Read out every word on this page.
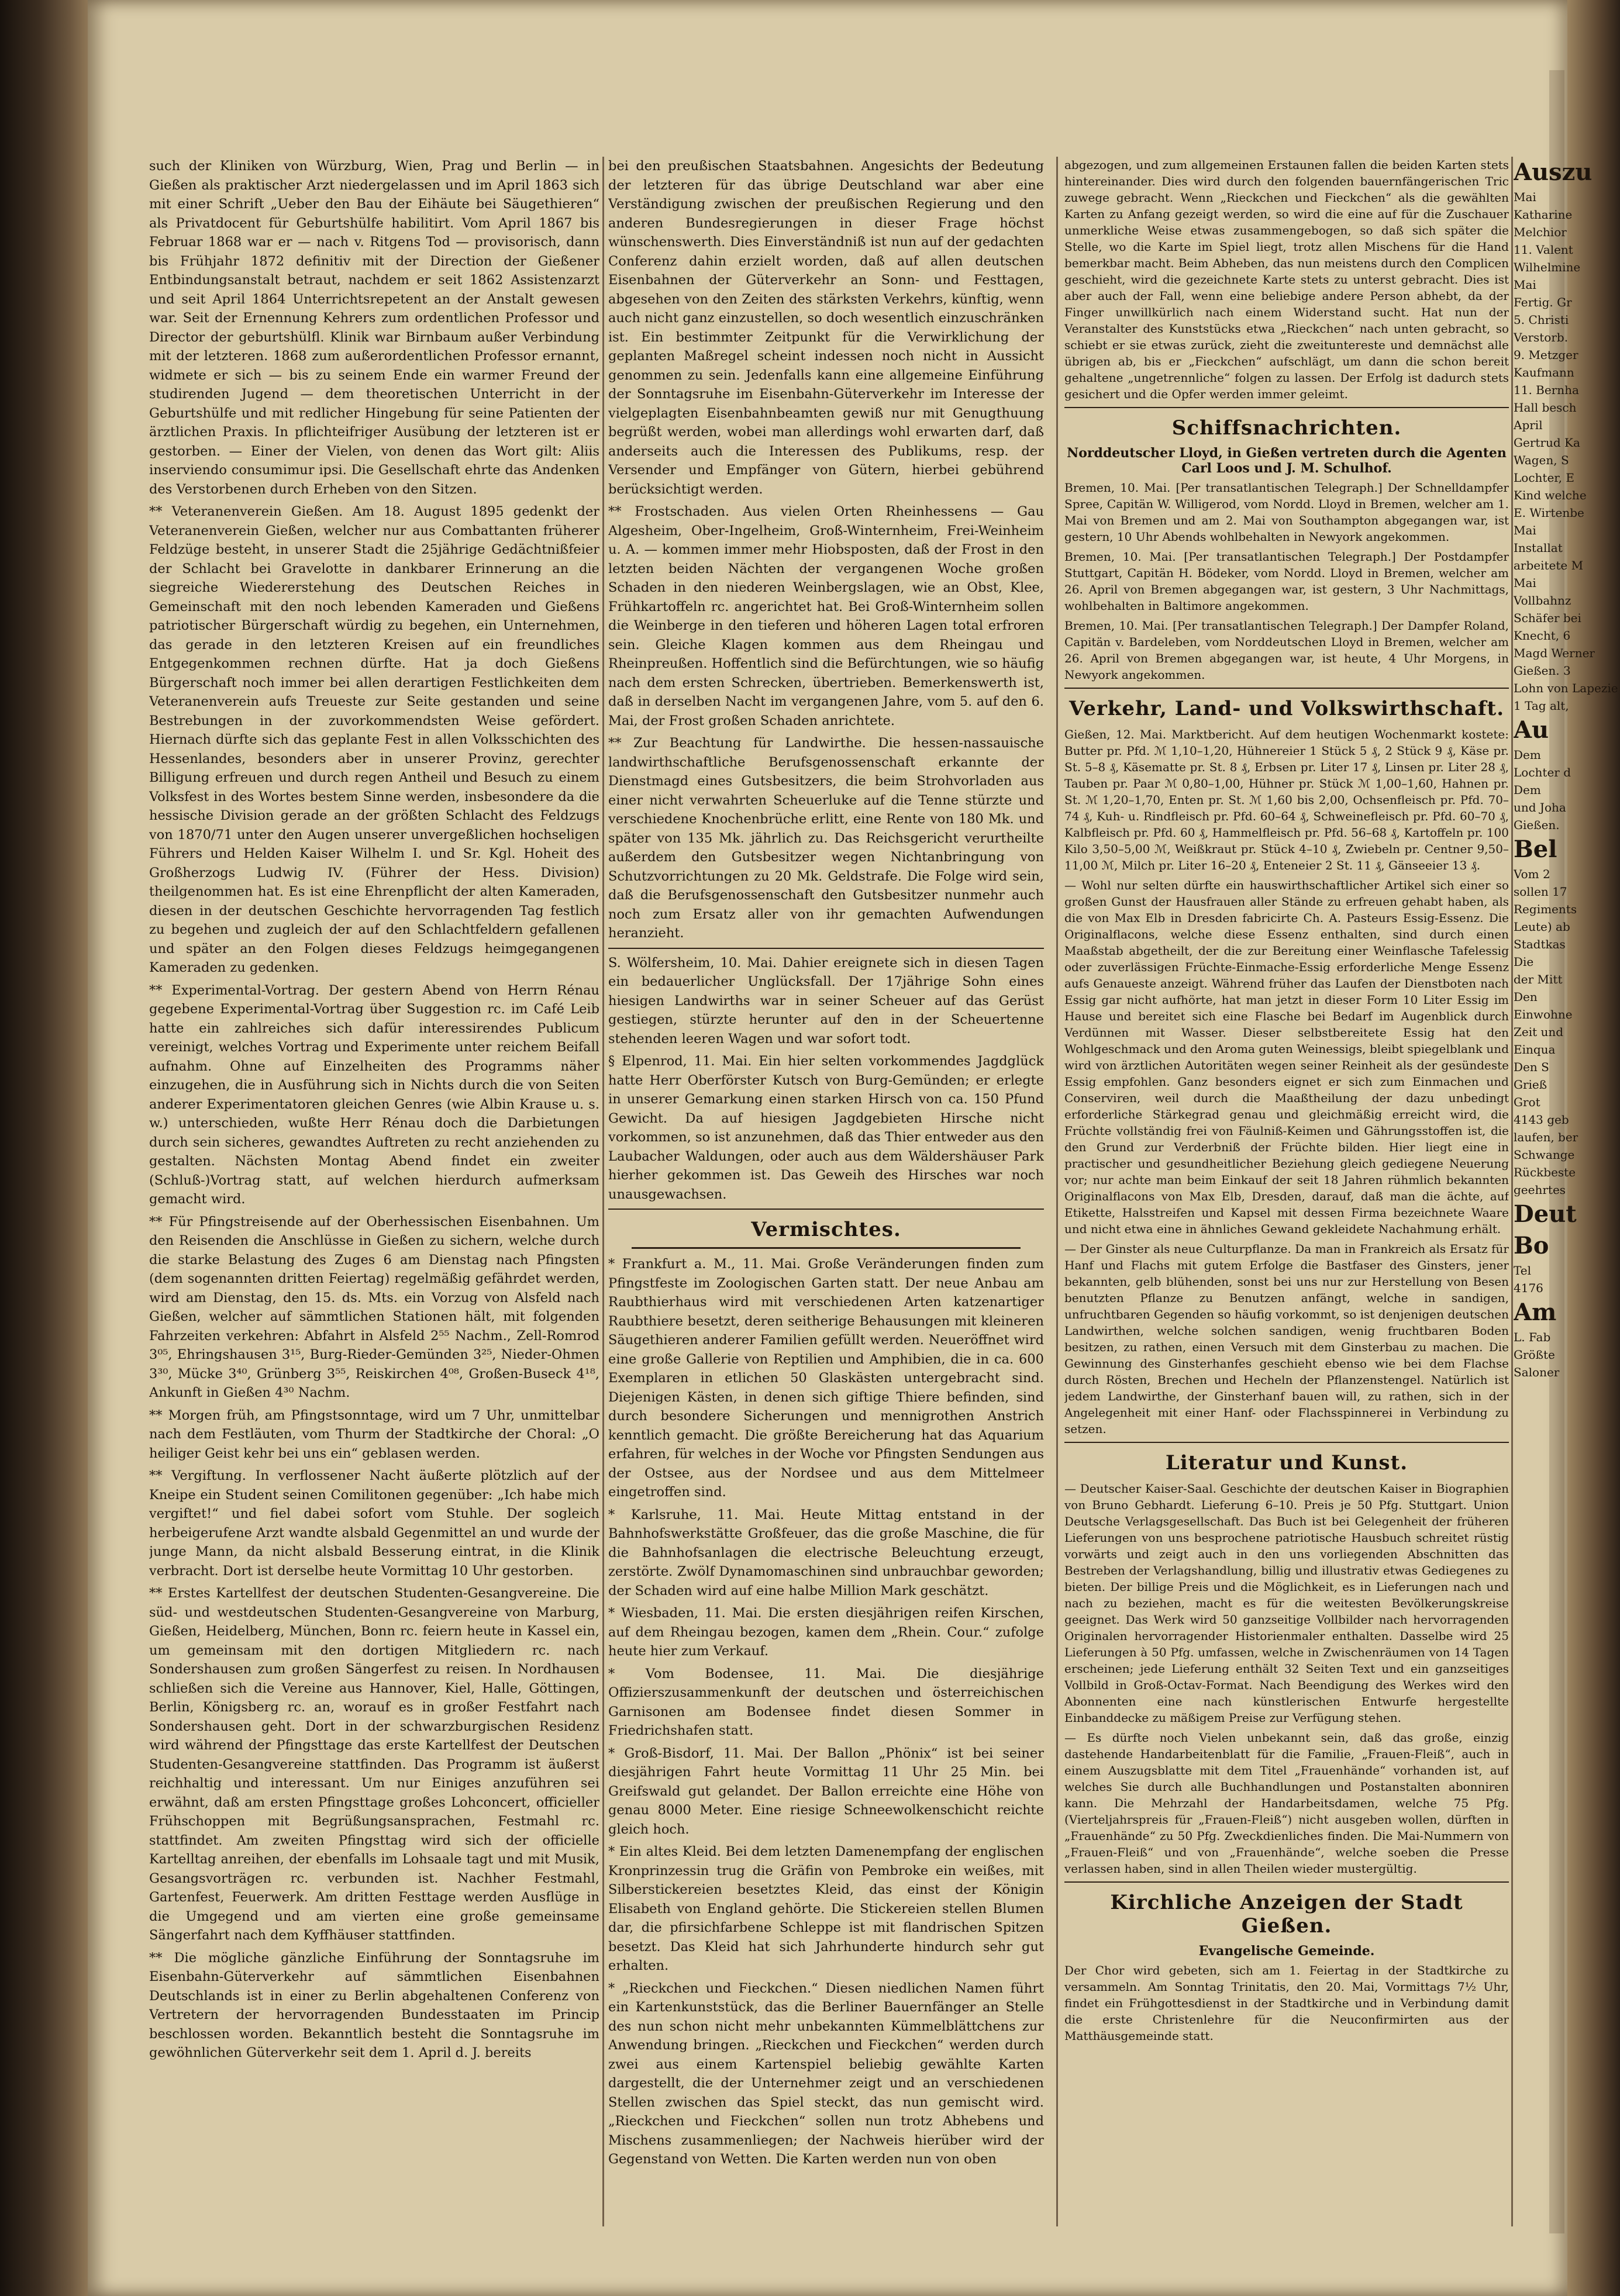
such der Kliniken von Würzburg, Wien, Prag und Berlin — in Gießen als praktischer Arzt niedergelassen und im April 1863 sich mit einer Schrift „Ueber den Bau der Eihäute bei Säugethieren“ als Privatdocent für Geburtshülfe habilitirt. Vom April 1867 bis Februar 1868 war er — nach v. Ritgens Tod — provisorisch, dann bis Frühjahr 1872 definitiv mit der Direction der Gießener Entbindungsanstalt betraut, nachdem er seit 1862 Assistenzarzt und seit April 1864 Unterrichtsrepetent an der Anstalt gewesen war. Seit der Ernennung Kehrers zum ordentlichen Professor und Director der geburtshülfl. Klinik war Birnbaum außer Verbindung mit der letzteren. 1868 zum außerordentlichen Professor ernannt, widmete er sich — bis zu seinem Ende ein warmer Freund der studirenden Jugend — dem theoretischen Unterricht in der Geburtshülfe und mit redlicher Hingebung für seine Patienten der ärztlichen Praxis. In pflichteifriger Ausübung der letzteren ist er gestorben. — Einer der Vielen, von denen das Wort gilt: Aliis inserviendo consumimur ipsi. Die Gesellschaft ehrte das Andenken des Verstorbenen durch Erheben von den Sitzen.

** Veteranenverein Gießen. Am 18. August 1895 gedenkt der Veteranenverein Gießen, welcher nur aus Combattanten früherer Feldzüge besteht, in unserer Stadt die 25jährige Gedächtnißfeier der Schlacht bei Gravelotte in dankbarer Erinnerung an die siegreiche Wiedererstehung des Deutschen Reiches in Gemeinschaft mit den noch lebenden Kameraden und Gießens patriotischer Bürgerschaft würdig zu begehen, ein Unternehmen, das gerade in den letzteren Kreisen auf ein freundliches Entgegenkommen rechnen dürfte. Hat ja doch Gießens Bürgerschaft noch immer bei allen derartigen Festlichkeiten dem Veteranenverein aufs Treueste zur Seite gestanden und seine Bestrebungen in der zuvorkommendsten Weise gefördert. Hiernach dürfte sich das geplante Fest in allen Volksschichten des Hessenlandes, besonders aber in unserer Provinz, gerechter Billigung erfreuen und durch regen Antheil und Besuch zu einem Volksfest in des Wortes bestem Sinne werden, insbesondere da die hessische Division gerade an der größten Schlacht des Feldzugs von 1870/71 unter den Augen unserer unvergeßlichen hochseligen Führers und Helden Kaiser Wilhelm I. und Sr. Kgl. Hoheit des Großherzogs Ludwig IV. (Führer der Hess. Division) theilgenommen hat. Es ist eine Ehrenpflicht der alten Kameraden, diesen in der deutschen Geschichte hervorragenden Tag festlich zu begehen und zugleich der auf den Schlachtfeldern gefallenen und später an den Folgen dieses Feldzugs heimgegangenen Kameraden zu gedenken.

** Experimental-Vortrag. Der gestern Abend von Herrn Rénau gegebene Experimental-Vortrag über Suggestion rc. im Café Leib hatte ein zahlreiches sich dafür interessirendes Publicum vereinigt, welches Vortrag und Experimente unter reichem Beifall aufnahm. Ohne auf Einzelheiten des Programms näher einzugehen, die in Ausführung sich in Nichts durch die von Seiten anderer Experimentatoren gleichen Genres (wie Albin Krause u. s. w.) unterschieden, wußte Herr Rénau doch die Darbietungen durch sein sicheres, gewandtes Auftreten zu recht anziehenden zu gestalten. Nächsten Montag Abend findet ein zweiter (Schluß-)Vortrag statt, auf welchen hierdurch aufmerksam gemacht wird.

** Für Pfingstreisende auf der Oberhessischen Eisenbahnen. Um den Reisenden die Anschlüsse in Gießen zu sichern, welche durch die starke Belastung des Zuges 6 am Dienstag nach Pfingsten (dem sogenannten dritten Feiertag) regelmäßig gefährdet werden, wird am Dienstag, den 15. ds. Mts. ein Vorzug von Alsfeld nach Gießen, welcher auf sämmtlichen Stationen hält, mit folgenden Fahrzeiten verkehren: Abfahrt in Alsfeld 2⁵⁵ Nachm., Zell-Romrod 3⁰⁵, Ehringshausen 3¹⁵, Burg-Rieder-Gemünden 3²⁵, Nieder-Ohmen 3³⁰, Mücke 3⁴⁰, Grünberg 3⁵⁵, Reiskirchen 4⁰⁸, Großen-Buseck 4¹⁸, Ankunft in Gießen 4³⁰ Nachm.

** Morgen früh, am Pfingstsonntage, wird um 7 Uhr, unmittelbar nach dem Festläuten, vom Thurm der Stadtkirche der Choral: „O heiliger Geist kehr bei uns ein“ geblasen werden.

** Vergiftung. In verflossener Nacht äußerte plötzlich auf der Kneipe ein Student seinen Comilitonen gegenüber: „Ich habe mich vergiftet!“ und fiel dabei sofort vom Stuhle. Der sogleich herbeigerufene Arzt wandte alsbald Gegenmittel an und wurde der junge Mann, da nicht alsbald Besserung eintrat, in die Klinik verbracht. Dort ist derselbe heute Vormittag 10 Uhr gestorben.

** Erstes Kartellfest der deutschen Studenten-Gesangvereine. Die süd- und westdeutschen Studenten-Gesangvereine von Marburg, Gießen, Heidelberg, München, Bonn rc. feiern heute in Kassel ein, um gemeinsam mit den dortigen Mitgliedern rc. nach Sondershausen zum großen Sängerfest zu reisen. In Nordhausen schließen sich die Vereine aus Hannover, Kiel, Halle, Göttingen, Berlin, Königsberg rc. an, worauf es in großer Festfahrt nach Sondershausen geht. Dort in der schwarzburgischen Residenz wird während der Pfingsttage das erste Kartellfest der Deutschen Studenten-Gesangvereine stattfinden. Das Programm ist äußerst reichhaltig und interessant. Um nur Einiges anzuführen sei erwähnt, daß am ersten Pfingsttage großes Lohconcert, officieller Frühschoppen mit Begrüßungsansprachen, Festmahl rc. stattfindet. Am zweiten Pfingsttag wird sich der officielle Kartelltag anreihen, der ebenfalls im Lohsaale tagt und mit Musik, Gesangsvorträgen rc. verbunden ist. Nachher Festmahl, Gartenfest, Feuerwerk. Am dritten Festtage werden Ausflüge in die Umgegend und am vierten eine große gemeinsame Sängerfahrt nach dem Kyffhäuser stattfinden.

** Die mögliche gänzliche Einführung der Sonntagsruhe im Eisenbahn-Güterverkehr auf sämmtlichen Eisenbahnen Deutschlands ist in einer zu Berlin abgehaltenen Conferenz von Vertretern der hervorragenden Bundesstaaten im Princip beschlossen worden. Bekanntlich besteht die Sonntagsruhe im gewöhnlichen Güterverkehr seit dem 1. April d. J. bereits

bei den preußischen Staatsbahnen. Angesichts der Bedeutung der letzteren für das übrige Deutschland war aber eine Verständigung zwischen der preußischen Regierung und den anderen Bundesregierungen in dieser Frage höchst wünschenswerth. Dies Einverständniß ist nun auf der gedachten Conferenz dahin erzielt worden, daß auf allen deutschen Eisenbahnen der Güterverkehr an Sonn- und Festtagen, abgesehen von den Zeiten des stärksten Verkehrs, künftig, wenn auch nicht ganz einzustellen, so doch wesentlich einzuschränken ist. Ein bestimmter Zeitpunkt für die Verwirklichung der geplanten Maßregel scheint indessen noch nicht in Aussicht genommen zu sein. Jedenfalls kann eine allgemeine Einführung der Sonntagsruhe im Eisenbahn-Güterverkehr im Interesse der vielgeplagten Eisenbahnbeamten gewiß nur mit Genugthuung begrüßt werden, wobei man allerdings wohl erwarten darf, daß anderseits auch die Interessen des Publikums, resp. der Versender und Empfänger von Gütern, hierbei gebührend berücksichtigt werden.

** Frostschaden. Aus vielen Orten Rheinhessens — Gau Algesheim, Ober-Ingelheim, Groß-Winternheim, Frei-Weinheim u. A. — kommen immer mehr Hiobsposten, daß der Frost in den letzten beiden Nächten der vergangenen Woche großen Schaden in den niederen Weinbergslagen, wie an Obst, Klee, Frühkartoffeln rc. angerichtet hat. Bei Groß-Winternheim sollen die Weinberge in den tieferen und höheren Lagen total erfroren sein. Gleiche Klagen kommen aus dem Rheingau und Rheinpreußen. Hoffentlich sind die Befürchtungen, wie so häufig nach dem ersten Schrecken, übertrieben. Bemerkenswerth ist, daß in derselben Nacht im vergangenen Jahre, vom 5. auf den 6. Mai, der Frost großen Schaden anrichtete.

** Zur Beachtung für Landwirthe. Die hessen-nassauische landwirthschaftliche Berufsgenossenschaft erkannte der Dienstmagd eines Gutsbesitzers, die beim Strohvorladen aus einer nicht verwahrten Scheuerluke auf die Tenne stürzte und verschiedene Knochenbrüche erlitt, eine Rente von 180 Mk. und später von 135 Mk. jährlich zu. Das Reichsgericht verurtheilte außerdem den Gutsbesitzer wegen Nichtanbringung von Schutzvorrichtungen zu 20 Mk. Geldstrafe. Die Folge wird sein, daß die Berufsgenossenschaft den Gutsbesitzer nunmehr auch noch zum Ersatz aller von ihr gemachten Aufwendungen heranzieht.

S. Wölfersheim, 10. Mai. Dahier ereignete sich in diesen Tagen ein bedauerlicher Unglücksfall. Der 17jährige Sohn eines hiesigen Landwirths war in seiner Scheuer auf das Gerüst gestiegen, stürzte herunter auf den in der Scheuertenne stehenden leeren Wagen und war sofort todt.

§ Elpenrod, 11. Mai. Ein hier selten vorkommendes Jagdglück hatte Herr Oberförster Kutsch von Burg-Gemünden; er erlegte in unserer Gemarkung einen starken Hirsch von ca. 150 Pfund Gewicht. Da auf hiesigen Jagdgebieten Hirsche nicht vorkommen, so ist anzunehmen, daß das Thier entweder aus den Laubacher Waldungen, oder auch aus dem Wäldershäuser Park hierher gekommen ist. Das Geweih des Hirsches war noch unausgewachsen.

Vermischtes.

* Frankfurt a. M., 11. Mai. Große Veränderungen finden zum Pfingstfeste im Zoologischen Garten statt. Der neue Anbau am Raubthierhaus wird mit verschiedenen Arten katzenartiger Raubthiere besetzt, deren seitherige Behausungen mit kleineren Säugethieren anderer Familien gefüllt werden. Neueröffnet wird eine große Gallerie von Reptilien und Amphibien, die in ca. 600 Exemplaren in etlichen 50 Glaskästen untergebracht sind. Diejenigen Kästen, in denen sich giftige Thiere befinden, sind durch besondere Sicherungen und mennigrothen Anstrich kenntlich gemacht. Die größte Bereicherung hat das Aquarium erfahren, für welches in der Woche vor Pfingsten Sendungen aus der Ostsee, aus der Nordsee und aus dem Mittelmeer eingetroffen sind.

* Karlsruhe, 11. Mai. Heute Mittag entstand in der Bahnhofswerkstätte Großfeuer, das die große Maschine, die für die Bahnhofsanlagen die electrische Beleuchtung erzeugt, zerstörte. Zwölf Dynamomaschinen sind unbrauchbar geworden; der Schaden wird auf eine halbe Million Mark geschätzt.

* Wiesbaden, 11. Mai. Die ersten diesjährigen reifen Kirschen, auf dem Rheingau bezogen, kamen dem „Rhein. Cour.“ zufolge heute hier zum Verkauf.

* Vom Bodensee, 11. Mai. Die diesjährige Offizierszusammenkunft der deutschen und österreichischen Garnisonen am Bodensee findet diesen Sommer in Friedrichshafen statt.

* Groß-Bisdorf, 11. Mai. Der Ballon „Phönix“ ist bei seiner diesjährigen Fahrt heute Vormittag 11 Uhr 25 Min. bei Greifswald gut gelandet. Der Ballon erreichte eine Höhe von genau 8000 Meter. Eine riesige Schneewolkenschicht reichte gleich hoch.

* Ein altes Kleid. Bei dem letzten Damenempfang der englischen Kronprinzessin trug die Gräfin von Pembroke ein weißes, mit Silberstickereien besetztes Kleid, das einst der Königin Elisabeth von England gehörte. Die Stickereien stellen Blumen dar, die pfirsichfarbene Schleppe ist mit flandrischen Spitzen besetzt. Das Kleid hat sich Jahrhunderte hindurch sehr gut erhalten.

* „Rieckchen und Fieckchen.“ Diesen niedlichen Namen führt ein Kartenkunststück, das die Berliner Bauernfänger an Stelle des nun schon nicht mehr unbekannten Kümmelblättchens zur Anwendung bringen. „Rieckchen und Fieckchen“ werden durch zwei aus einem Kartenspiel beliebig gewählte Karten dargestellt, die der Unternehmer zeigt und an verschiedenen Stellen zwischen das Spiel steckt, das nun gemischt wird. „Rieckchen und Fieckchen“ sollen nun trotz Abhebens und Mischens zusammenliegen; der Nachweis hierüber wird der Gegenstand von Wetten. Die Karten werden nun von oben

abgezogen, und zum allgemeinen Erstaunen fallen die beiden Karten stets hintereinander. Dies wird durch den folgenden bauernfängerischen Tric zuwege gebracht. Wenn „Rieckchen und Fieckchen“ als die gewählten Karten zu Anfang gezeigt werden, so wird die eine auf für die Zuschauer unmerkliche Weise etwas zusammengebogen, so daß sich später die Stelle, wo die Karte im Spiel liegt, trotz allen Mischens für die Hand bemerkbar macht. Beim Abheben, das nun meistens durch den Complicen geschieht, wird die gezeichnete Karte stets zu unterst gebracht. Dies ist aber auch der Fall, wenn eine beliebige andere Person abhebt, da der Finger unwillkürlich nach einem Widerstand sucht. Hat nun der Veranstalter des Kunststücks etwa „Rieckchen“ nach unten gebracht, so schiebt er sie etwas zurück, zieht die zweituntereste und demnächst alle übrigen ab, bis er „Fieckchen“ aufschlägt, um dann die schon bereit gehaltene „ungetrennliche“ folgen zu lassen. Der Erfolg ist dadurch stets gesichert und die Opfer werden immer geleimt.

Schiffsnachrichten.
Norddeutscher Lloyd, in Gießen vertreten durch die Agenten Carl Loos und J. M. Schulhof.

Bremen, 10. Mai. [Per transatlantischen Telegraph.] Der Schnelldampfer Spree, Capitän W. Willigerod, vom Nordd. Lloyd in Bremen, welcher am 1. Mai von Bremen und am 2. Mai von Southampton abgegangen war, ist gestern, 10 Uhr Abends wohlbehalten in Newyork angekommen.

Bremen, 10. Mai. [Per transatlantischen Telegraph.] Der Postdampfer Stuttgart, Capitän H. Bödeker, vom Nordd. Lloyd in Bremen, welcher am 26. April von Bremen abgegangen war, ist gestern, 3 Uhr Nachmittags, wohlbehalten in Baltimore angekommen.

Bremen, 10. Mai. [Per transatlantischen Telegraph.] Der Dampfer Roland, Capitän v. Bardeleben, vom Norddeutschen Lloyd in Bremen, welcher am 26. April von Bremen abgegangen war, ist heute, 4 Uhr Morgens, in Newyork angekommen.

Verkehr, Land- und Volkswirthschaft.

Gießen, 12. Mai. Marktbericht. Auf dem heutigen Wochenmarkt kostete: Butter pr. Pfd. ℳ 1,10–1,20, Hühnereier 1 Stück 5 ₰, 2 Stück 9 ₰, Käse pr. St. 5–8 ₰, Käsematte pr. St. 8 ₰, Erbsen pr. Liter 17 ₰, Linsen pr. Liter 28 ₰, Tauben pr. Paar ℳ 0,80–1,00, Hühner pr. Stück ℳ 1,00–1,60, Hahnen pr. St. ℳ 1,20–1,70, Enten pr. St. ℳ 1,60 bis 2,00, Ochsenfleisch pr. Pfd. 70–74 ₰, Kuh- u. Rindfleisch pr. Pfd. 60–64 ₰, Schweinefleisch pr. Pfd. 60–70 ₰, Kalbfleisch pr. Pfd. 60 ₰, Hammelfleisch pr. Pfd. 56–68 ₰, Kartoffeln pr. 100 Kilo 3,50–5,00 ℳ, Weißkraut pr. Stück 4–10 ₰, Zwiebeln pr. Centner 9,50–11,00 ℳ, Milch pr. Liter 16–20 ₰, Enteneier 2 St. 11 ₰, Gänseeier 13 ₰.

— Wohl nur selten dürfte ein hauswirthschaftlicher Artikel sich einer so großen Gunst der Hausfrauen aller Stände zu erfreuen gehabt haben, als die von Max Elb in Dresden fabricirte Ch. A. Pasteurs Essig-Essenz. Die Originalflacons, welche diese Essenz enthalten, sind durch einen Maaßstab abgetheilt, der die zur Bereitung einer Weinflasche Tafelessig oder zuverlässigen Früchte-Einmache-Essig erforderliche Menge Essenz aufs Genaueste anzeigt. Während früher das Laufen der Dienstboten nach Essig gar nicht aufhörte, hat man jetzt in dieser Form 10 Liter Essig im Hause und bereitet sich eine Flasche bei Bedarf im Augenblick durch Verdünnen mit Wasser. Dieser selbstbereitete Essig hat den Wohlgeschmack und den Aroma guten Weinessigs, bleibt spiegelblank und wird von ärztlichen Autoritäten wegen seiner Reinheit als der gesündeste Essig empfohlen. Ganz besonders eignet er sich zum Einmachen und Conserviren, weil durch die Maaßtheilung der dazu unbedingt erforderliche Stärkegrad genau und gleichmäßig erreicht wird, die Früchte vollständig frei von Fäulniß-Keimen und Gährungsstoffen ist, die den Grund zur Verderbniß der Früchte bilden. Hier liegt eine in practischer und gesundheitlicher Beziehung gleich gediegene Neuerung vor; nur achte man beim Einkauf der seit 18 Jahren rühmlich bekannten Originalflacons von Max Elb, Dresden, darauf, daß man die ächte, auf Etikette, Halsstreifen und Kapsel mit dessen Firma bezeichnete Waare und nicht etwa eine in ähnliches Gewand gekleidete Nachahmung erhält.

— Der Ginster als neue Culturpflanze. Da man in Frankreich als Ersatz für Hanf und Flachs mit gutem Erfolge die Bastfaser des Ginsters, jener bekannten, gelb blühenden, sonst bei uns nur zur Herstellung von Besen benutzten Pflanze zu Benutzen anfängt, welche in sandigen, unfruchtbaren Gegenden so häufig vorkommt, so ist denjenigen deutschen Landwirthen, welche solchen sandigen, wenig fruchtbaren Boden besitzen, zu rathen, einen Versuch mit dem Ginsterbau zu machen. Die Gewinnung des Ginsterhanfes geschieht ebenso wie bei dem Flachse durch Rösten, Brechen und Hecheln der Pflanzenstengel. Natürlich ist jedem Landwirthe, der Ginsterhanf bauen will, zu rathen, sich in der Angelegenheit mit einer Hanf- oder Flachsspinnerei in Verbindung zu setzen.

Literatur und Kunst.

— Deutscher Kaiser-Saal. Geschichte der deutschen Kaiser in Biographien von Bruno Gebhardt. Lieferung 6–10. Preis je 50 Pfg. Stuttgart. Union Deutsche Verlagsgesellschaft. Das Buch ist bei Gelegenheit der früheren Lieferungen von uns besprochene patriotische Hausbuch schreitet rüstig vorwärts und zeigt auch in den uns vorliegenden Abschnitten das Bestreben der Verlagshandlung, billig und illustrativ etwas Gediegenes zu bieten. Der billige Preis und die Möglichkeit, es in Lieferungen nach und nach zu beziehen, macht es für die weitesten Bevölkerungskreise geeignet. Das Werk wird 50 ganzseitige Vollbilder nach hervorragenden Originalen hervorragender Historienmaler enthalten. Dasselbe wird 25 Lieferungen à 50 Pfg. umfassen, welche in Zwischenräumen von 14 Tagen erscheinen; jede Lieferung enthält 32 Seiten Text und ein ganzseitiges Vollbild in Groß-Octav-Format. Nach Beendigung des Werkes wird den Abonnenten eine nach künstlerischen Entwurfe hergestellte Einbanddecke zu mäßigem Preise zur Verfügung stehen.

— Es dürfte noch Vielen unbekannt sein, daß das große, einzig dastehende Handarbeitenblatt für die Familie, „Frauen-Fleiß“, auch in einem Auszugsblatte mit dem Titel „Frauenhände“ vorhanden ist, auf welches Sie durch alle Buchhandlungen und Postanstalten abonniren kann. Die Mehrzahl der Handarbeitsdamen, welche 75 Pfg. (Vierteljahrspreis für „Frauen-Fleiß“) nicht ausgeben wollen, dürften in „Frauenhände“ zu 50 Pfg. Zweckdienliches finden. Die Mai-Nummern von „Frauen-Fleiß“ und von „Frauenhände“, welche soeben die Presse verlassen haben, sind in allen Theilen wieder mustergültig.

Kirchliche Anzeigen der Stadt Gießen.
Evangelische Gemeinde.

Der Chor wird gebeten, sich am 1. Feiertag in der Stadtkirche zu versammeln. Am Sonntag Trinitatis, den 20. Mai, Vormittags 7½ Uhr, findet ein Frühgottesdienst in der Stadtkirche und in Verbindung damit die erste Christenlehre für die Neuconfirmirten aus der Matthäusgemeinde statt.

Auszu

Mai

Katharine

Melchior

11. Valent

Wilhelmine

Mai

Fertig. Gr

5. Christi

Verstorb.

9. Metzger

Kaufmann

11. Bernha

Hall besch

April

Gertrud Ka

Wagen, S

Lochter, E

Kind welche

E. Wirtenbe

Mai

Installat

arbeitete M

Mai

Vollbahnz

Schäfer bei

Knecht, 6

Magd Werner

Gießen. 3

Lohn von Lapezie

1 Tag alt,

Au

Dem

Lochter d

Dem

und Joha

Gießen.

Bel

Vom 2

sollen 17

Regiments

Leute) ab

Stadtkas

Die

der Mitt

Den

Einwohne

Zeit und

Einqua

Den S

Grieß

Grot

4143 geb

laufen, ber

Schwange

Rückbeste

geehrtes

Deut

Bo

Tel

4176

Am

L. Fab

Größte

Saloner
